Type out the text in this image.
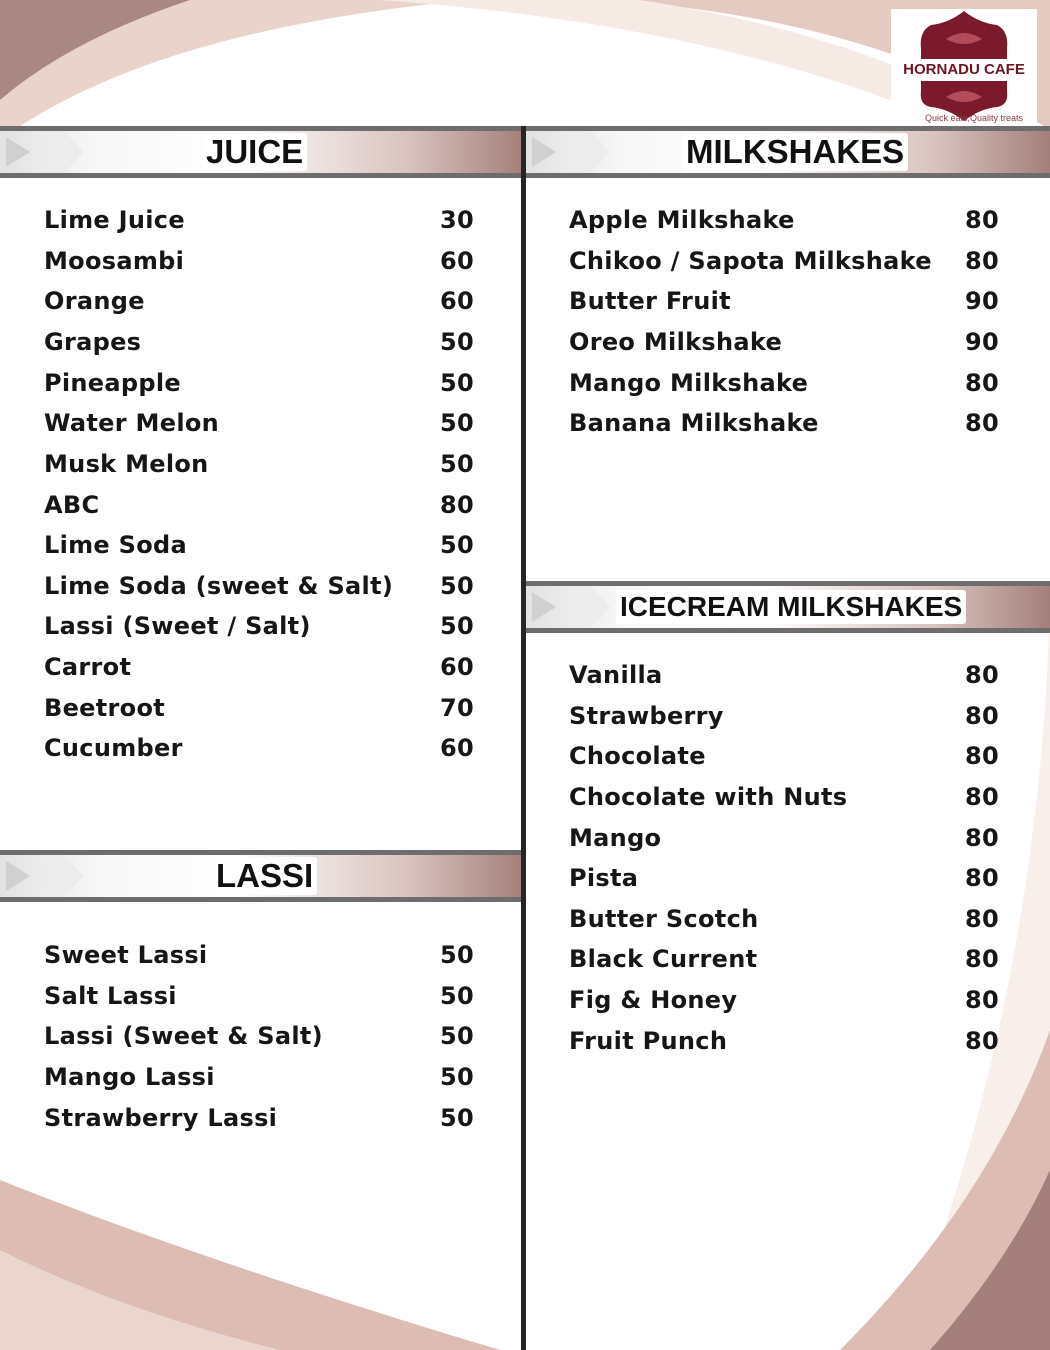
HORNADU CAFE
Quick eats,Quality treats
JUICE	MILKSHAKES
ICECREAM MILKSHAKES
LASSI
Lime Juice	30
Moosambi	60
Orange	60
Grapes	50
Pineapple	50
Water Melon	50
Musk Melon	50
ABC	80
Lime Soda	50
Lime Soda (sweet & Salt) 50
Lassi (Sweet / Salt)	50
Carrot	60
Beetroot	70
Cucumber	60
Sweet Lassi	50
Salt Lassi	50
Lassi (Sweet & Salt)	50
Mango Lassi	50
Strawberry Lassi	50
Apple Milkshake	80
Chikoo / Sapota Milkshake 80
Butter Fruit	90
Oreo Milkshake	90
Mango Milkshake	80
Banana Milkshake	80
Vanilla	80
Strawberry	80
Chocolate	80
Chocolate with Nuts	80
Mango	80
Pista	80
Butter Scotch	80
Black Current	80
Fig & Honey	80
Fruit Punch	80
